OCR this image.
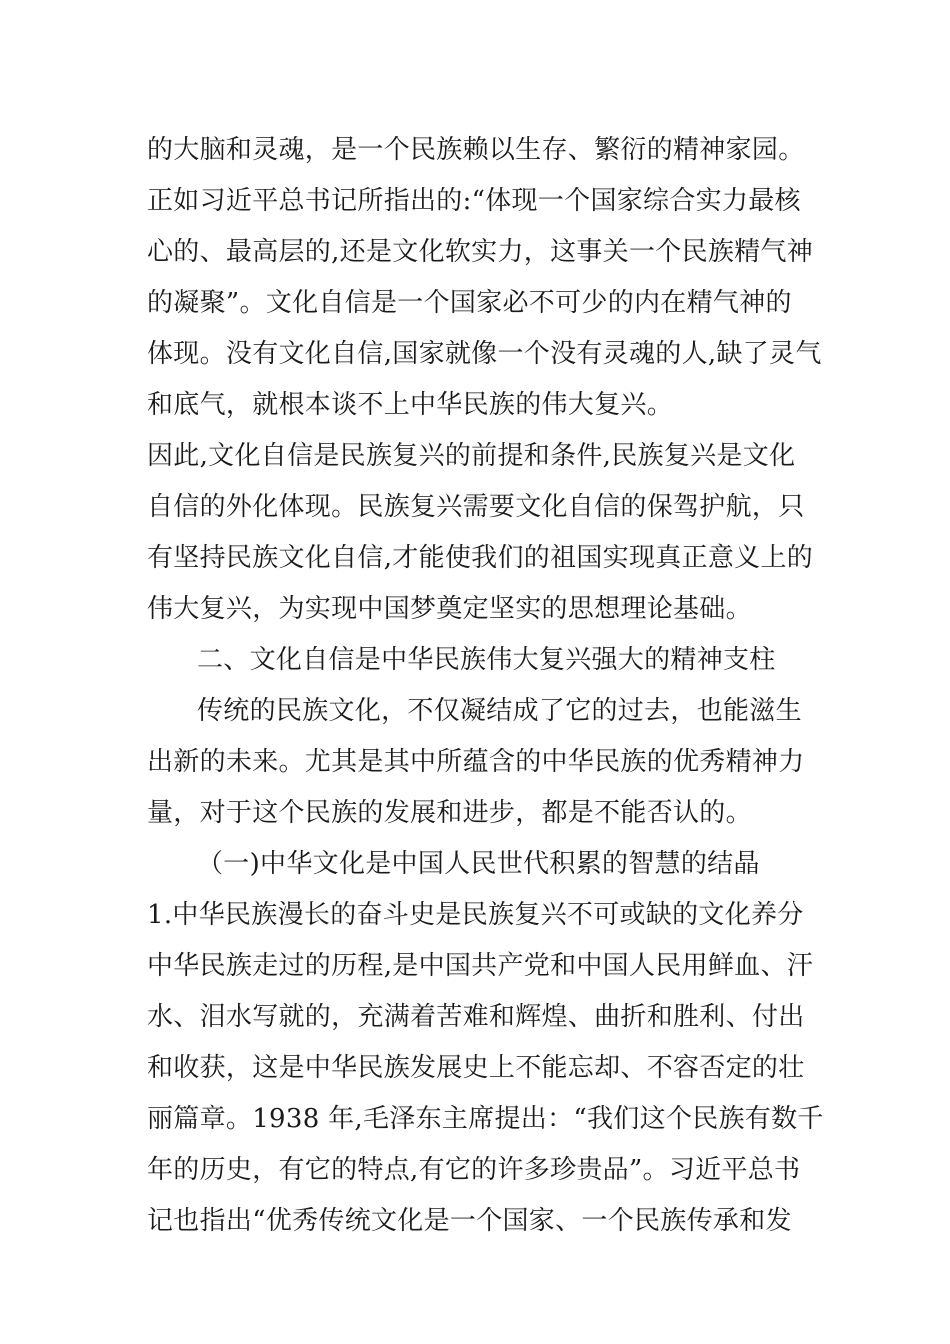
的大脑和灵魂，是一个民族赖以生存、繁衍的精神家园。
正如习近平总书记所指出的:“体现一个国家综合实力最核
心的、最高层的,还是文化软实力，这事关一个民族精气神
的凝聚”。文化自信是一个国家必不可少的内在精气神的
体现。没有文化自信,国家就像一个没有灵魂的人,缺了灵气
和底气，就根本谈不上中华民族的伟大复兴。
因此,文化自信是民族复兴的前提和条件,民族复兴是文化
自信的外化体现。民族复兴需要文化自信的保驾护航，只
有坚持民族文化自信,才能使我们的祖国实现真正意义上的
伟大复兴，为实现中国梦奠定坚实的思想理论基础。
二、文化自信是中华民族伟大复兴强大的精神支柱
传统的民族文化，不仅凝结成了它的过去，也能滋生
出新的未来。尤其是其中所蕴含的中华民族的优秀精神力
量，对于这个民族的发展和进步，都是不能否认的。
（一)中华文化是中国人民世代积累的智慧的结晶
1.中华民族漫长的奋斗史是民族复兴不可或缺的文化养分
中华民族走过的历程,是中国共产党和中国人民用鲜血、汗
水、泪水写就的，充满着苦难和辉煌、曲折和胜利、付出
和收获，这是中华民族发展史上不能忘却、不容否定的壮
丽篇章。1938 年,毛泽东主席提出：“我们这个民族有数千
年的历史，有它的特点,有它的许多珍贵品”。习近平总书
记也指出“优秀传统文化是一个国家、一个民族传承和发
